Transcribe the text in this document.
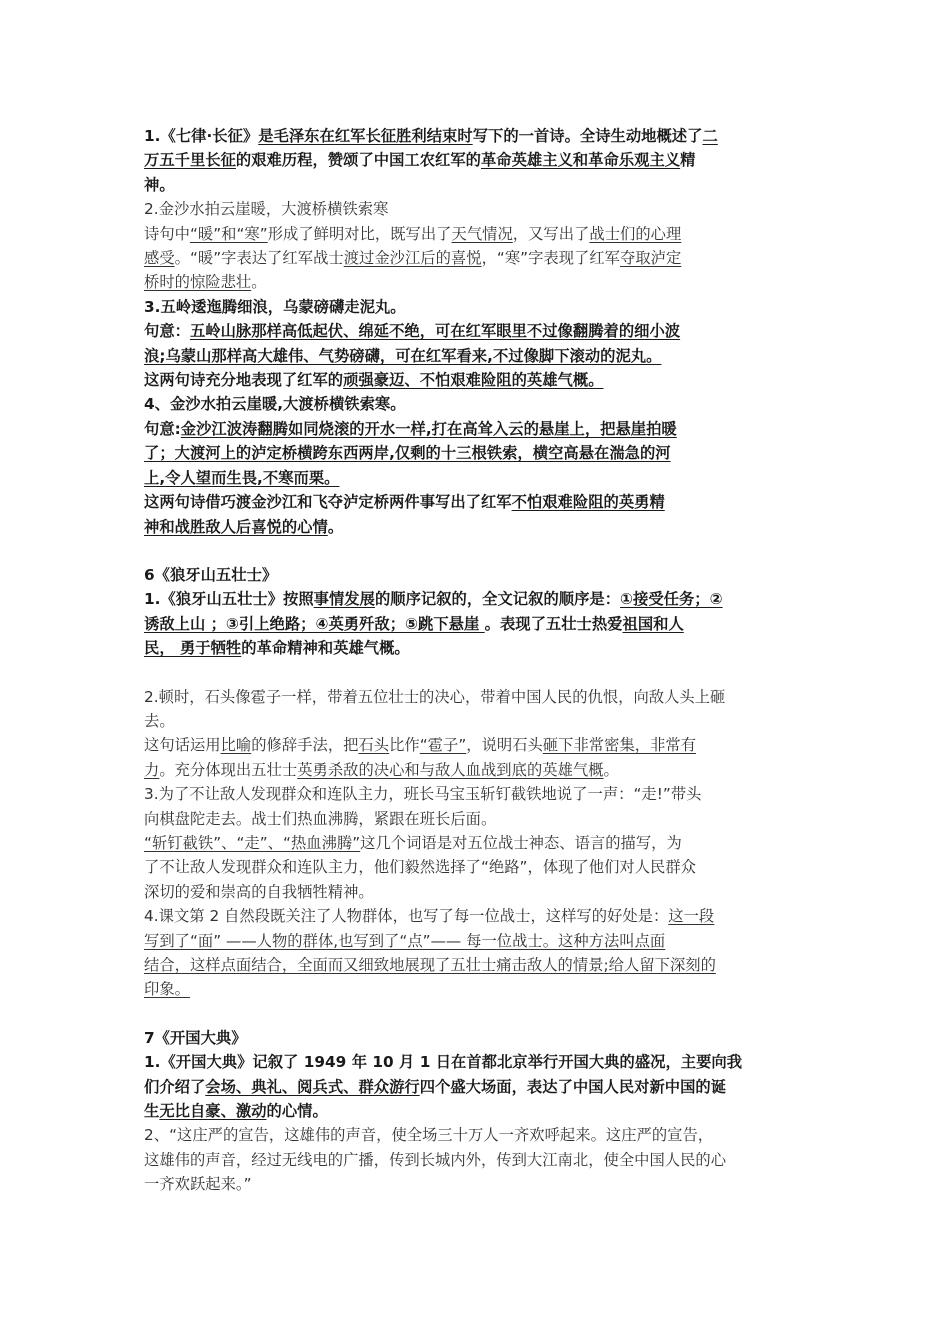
1.《七律·长征》是毛泽东在红军长征胜利结束时写下的一首诗。全诗生动地概述了二
万五千里长征的艰难历程，赞颂了中国工农红军的革命英雄主义和革命乐观主义精
神。
2.金沙水拍云崖暖，大渡桥横铁索寒
诗句中“暖”和“寒”形成了鲜明对比，既写出了天气情况，又写出了战士们的心理
感受。“暖”字表达了红军战士渡过金沙江后的喜悦，“寒”字表现了红军夺取泸定
桥时的惊险悲壮。
3.五岭逶迤腾细浪，乌蒙磅礴走泥丸。
句意：五岭山脉那样高低起伏、绵延不绝，可在红军眼里不过像翻腾着的细小波
浪;乌蒙山那样高大雄伟、气势磅礴，可在红军看来,不过像脚下滚动的泥丸。
这两句诗充分地表现了红军的顽强豪迈、不怕艰难险阻的英雄气概。
4、金沙水拍云崖暖,大渡桥横铁索寒。
句意:金沙江波涛翻腾如同烧滚的开水一样,打在高耸入云的悬崖上，把悬崖拍暖
了；大渡河上的泸定桥横跨东西两岸,仅剩的十三根铁索，横空高悬在湍急的河
上,令人望而生畏,不寒而栗。
这两句诗借巧渡金沙江和飞夺泸定桥两件事写出了红军不怕艰难险阻的英勇精
神和战胜敌人后喜悦的心情。
6《狼牙山五壮士》
1.《狼牙山五壮士》按照事情发展的顺序记叙的，全文记叙的顺序是：①接受任务；②
诱敌上山 ；③引上绝路；④英勇歼敌；⑤跳下悬崖 。表现了五壮士热爱祖国和人
民， 勇于牺牲的革命精神和英雄气概。
2.顿时，石头像雹子一样，带着五位壮士的决心，带着中国人民的仇恨，向敌人头上砸
去。
这句话运用比喻的修辞手法，把石头比作“雹子”，说明石头砸下非常密集，非常有
力。充分体现出五壮士英勇杀敌的决心和与敌人血战到底的英雄气概。
3.为了不让敌人发现群众和连队主力，班长马宝玉斩钉截铁地说了一声：“走!”带头
向棋盘陀走去。战士们热血沸腾，紧跟在班长后面。
“斩钉截铁”、“走”、“热血沸腾”这几个词语是对五位战士神态、语言的描写，为
了不让敌人发现群众和连队主力，他们毅然选择了“绝路”，体现了他们对人民群众
深切的爱和崇高的自我牺牲精神。
4.课文第 2 自然段既关注了人物群体，也写了每一位战士，这样写的好处是：这一段
写到了“面” ——人物的群体,也写到了“点”—— 每一位战士。这种方法叫点面
结合，这样点面结合，全面而又细致地展现了五壮士痛击敌人的情景;给人留下深刻的
印象。
7《开国大典》
1.《开国大典》记叙了 1949 年 10 月 1 日在首都北京举行开国大典的盛况，主要向我
们介绍了会场、典礼、阅兵式、群众游行四个盛大场面，表达了中国人民对新中国的诞
生无比自豪、激动的心情。
2、“这庄严的宣告，这雄伟的声音，使全场三十万人一齐欢呼起来。这庄严的宣告，
这雄伟的声音，经过无线电的广播，传到长城内外，传到大江南北，使全中国人民的心
一齐欢跃起来。”
